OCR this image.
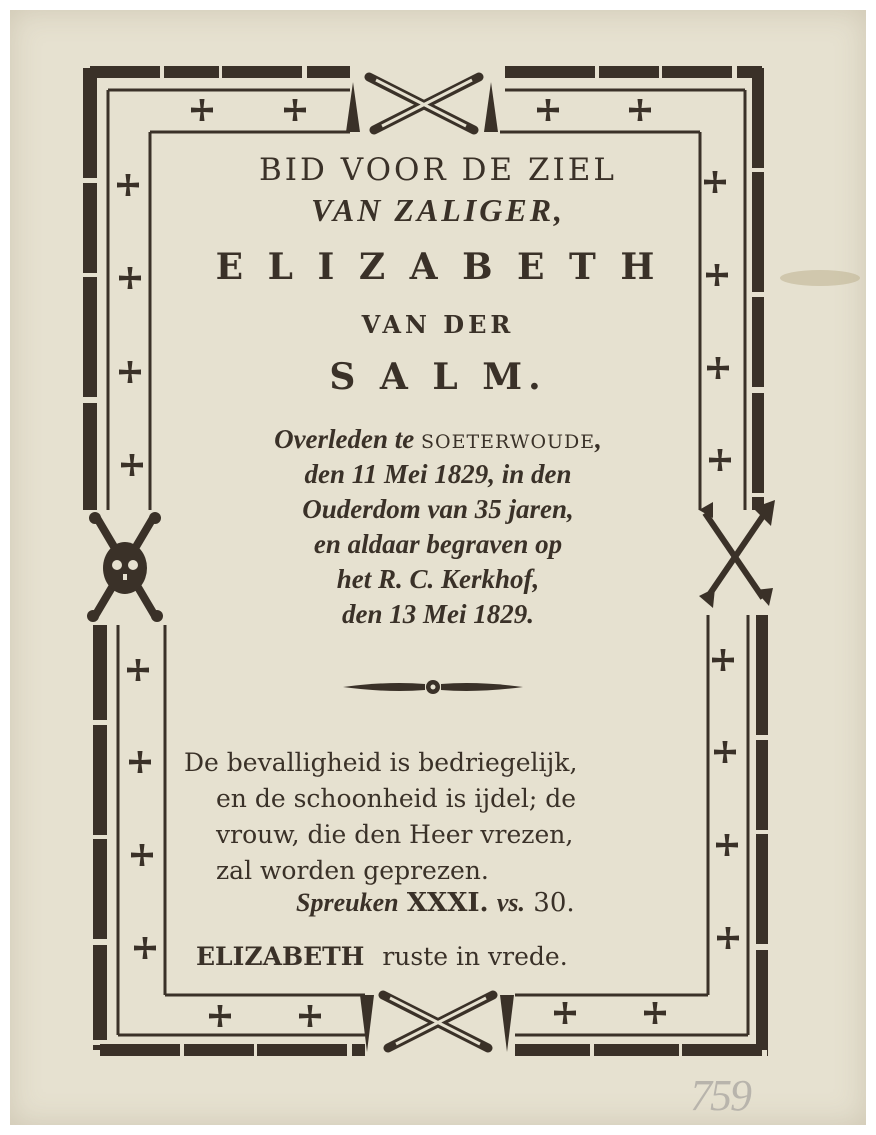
BID VOOR DE ZIEL

VAN ZALIGER,

E L I Z A B E T H

VAN DER

S A L M.

Overleden te SOETERWOUDE,

den 11 Mei 1829, in den

Ouderdom van 35 jaren,

en aldaar begraven op

het R. C. Kerkhof,

den 13 Mei 1829.

De bevalligheid is bedriegelijk,

en de schoonheid is ijdel; de

vrouw, die den Heer vrezen,

zal worden geprezen.

Spreuken XXXI. vs. 30.

ELIZABETH ruste in vrede.

759
